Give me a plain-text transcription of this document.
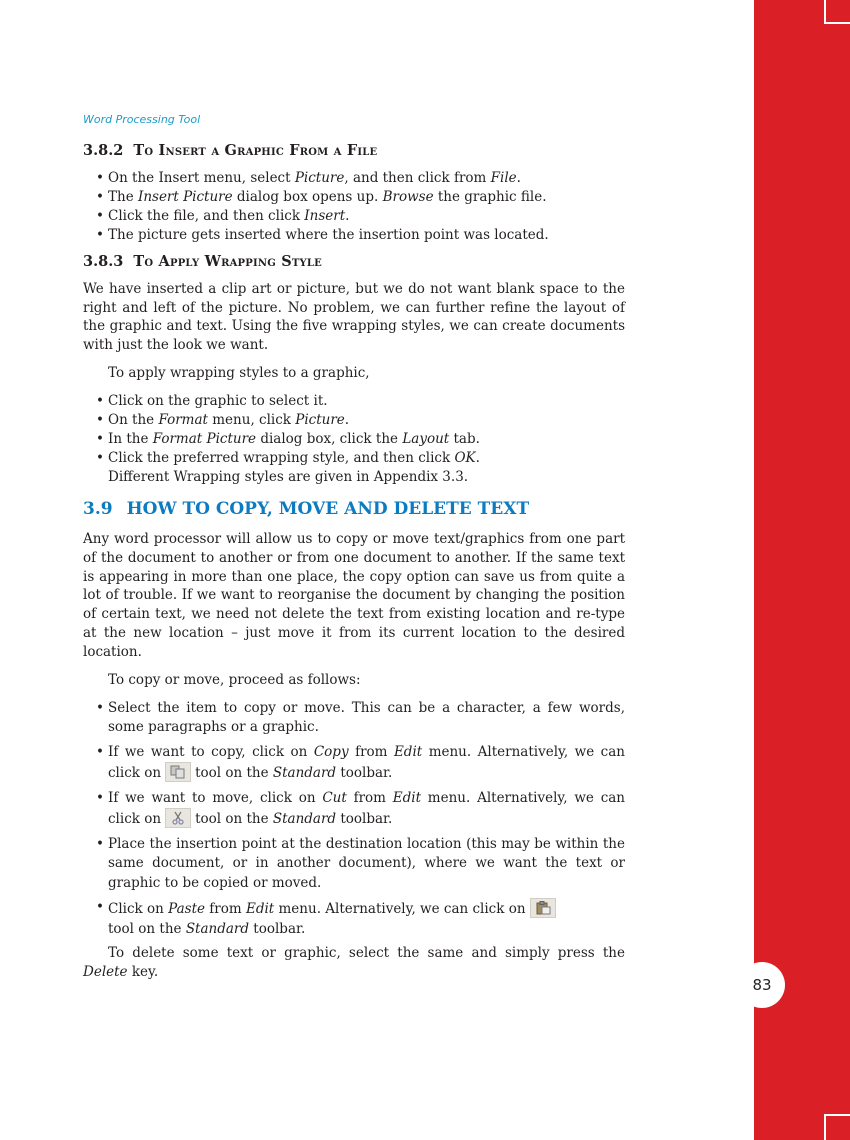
83
Word Processing Tool
3.8.2 To Insert a Graphic From a File
• On the Insert menu, select Picture, and then click from File.
• The Insert Picture dialog box opens up. Browse the graphic file.
• Click the file, and then click Insert.
• The picture gets inserted where the insertion point was located.
3.8.3 To Apply Wrapping Style

We have inserted a clip art or picture, but we do not want blank space to the right and left of the picture. No problem, we can further refine the layout of the graphic and text. Using the five wrapping styles, we can create documents with just the look we want.

To apply wrapping styles to a graphic,

• Click on the graphic to select it.
• On the Format menu, click Picture.
• In the Format Picture dialog box, click the Layout tab.
• Click the preferred wrapping style, and then click OK.
Different Wrapping styles are given in Appendix 3.3.
3.9 HOW TO COPY, MOVE AND DELETE TEXT

Any word processor will allow us to copy or move text/graphics from one part of the document to another or from one document to another. If the same text is appearing in more than one place, the copy option can save us from quite a lot of trouble. If we want to reorganise the document by changing the position of certain text, we need not delete the text from existing location and re-type at the new location – just move it from its current location to the desired location.

To copy or move, proceed as follows:

• Select the item to copy or move. This can be a character, a few words, some paragraphs or a graphic.
• If we want to copy, click on Copy from Edit menu. Alternatively, we can click on	tool on the Standard toolbar.
• If we want to move, click on Cut from Edit menu. Alternatively, we can click on	tool on the Standard toolbar.
• Place the insertion point at the destination location (this may be within the same document, or in another document), where we want the text or graphic to be copied or moved.
• Click on Paste from Edit menu. Alternatively, we can click on

tool on the Standard toolbar.

To delete some text or graphic, select the same and simply press the Delete key.
